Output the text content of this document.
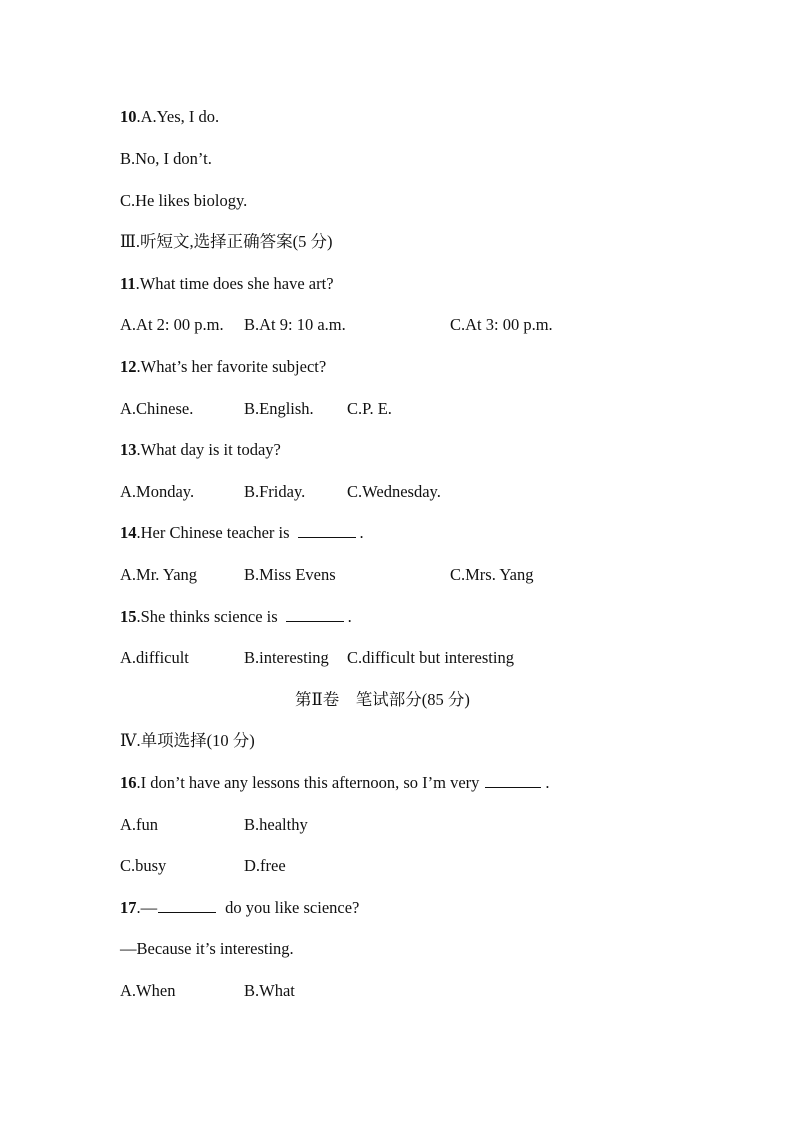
10.A.Yes, I do.
B.No, I don’t.
C.He likes biology.
Ⅲ.听短文,选择正确答案(5 分)
11.What time does she have art?
A.At 2: 00 p.m. B.At 9: 10 a.m.	C.At 3: 00 p.m.
12.What’s her favorite subject?
A.Chinese.	B.English. C.P. E.
13.What day is it today?
A.Monday.	B.Friday.	C.Wednesday.
14.Her Chinese teacher is	.
A.Mr. Yang	B.Miss Evens	C.Mrs. Yang
15.She thinks science is	.
A.difficult	B.interesting C.difficult but interesting
第Ⅱ卷　笔试部分(85 分)
Ⅳ.单项选择(10 分)
16.I don’t have any lessons this afternoon, so I’m very	.
A.fun	B.healthy
C.busy	D.free
17.—	do you like science?
—Because it’s interesting.
A.When	B.What
